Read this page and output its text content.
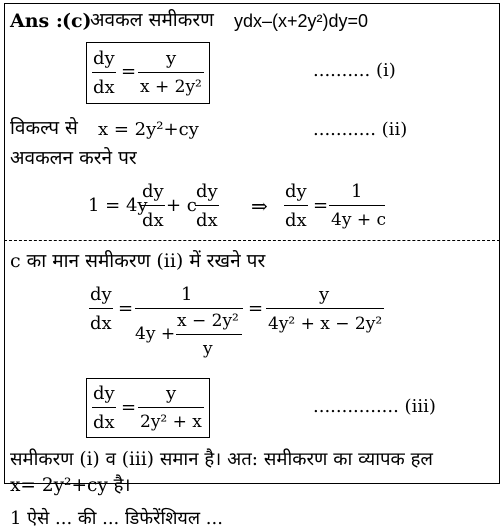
Ans : (c)
अवकल समीकरण ydx–(x+2y²)dy=0
dy
dx
=
y
x + 2y²
.......... (i)
विकल्प से x = 2y²+cy	........... (ii)
अवकलन करने पर
1 = 4y
dy
dx
+ c
dy
dx
⇒
dy
dx
=
1
4y + c
c का मान समीकरण (ii) में रखने पर
dy
dx
=
1
4y +
x − 2y²
y
=
y
4y² + x − 2y²
dy
dx
=
y
2y² + x
............... (iii)
समीकरण (i) व (iii) समान है। अत: समीकरण का व्यापक हल
x= 2y²+cy है।
1 ऐसे ... की ... डिफेरेंशियल ...
